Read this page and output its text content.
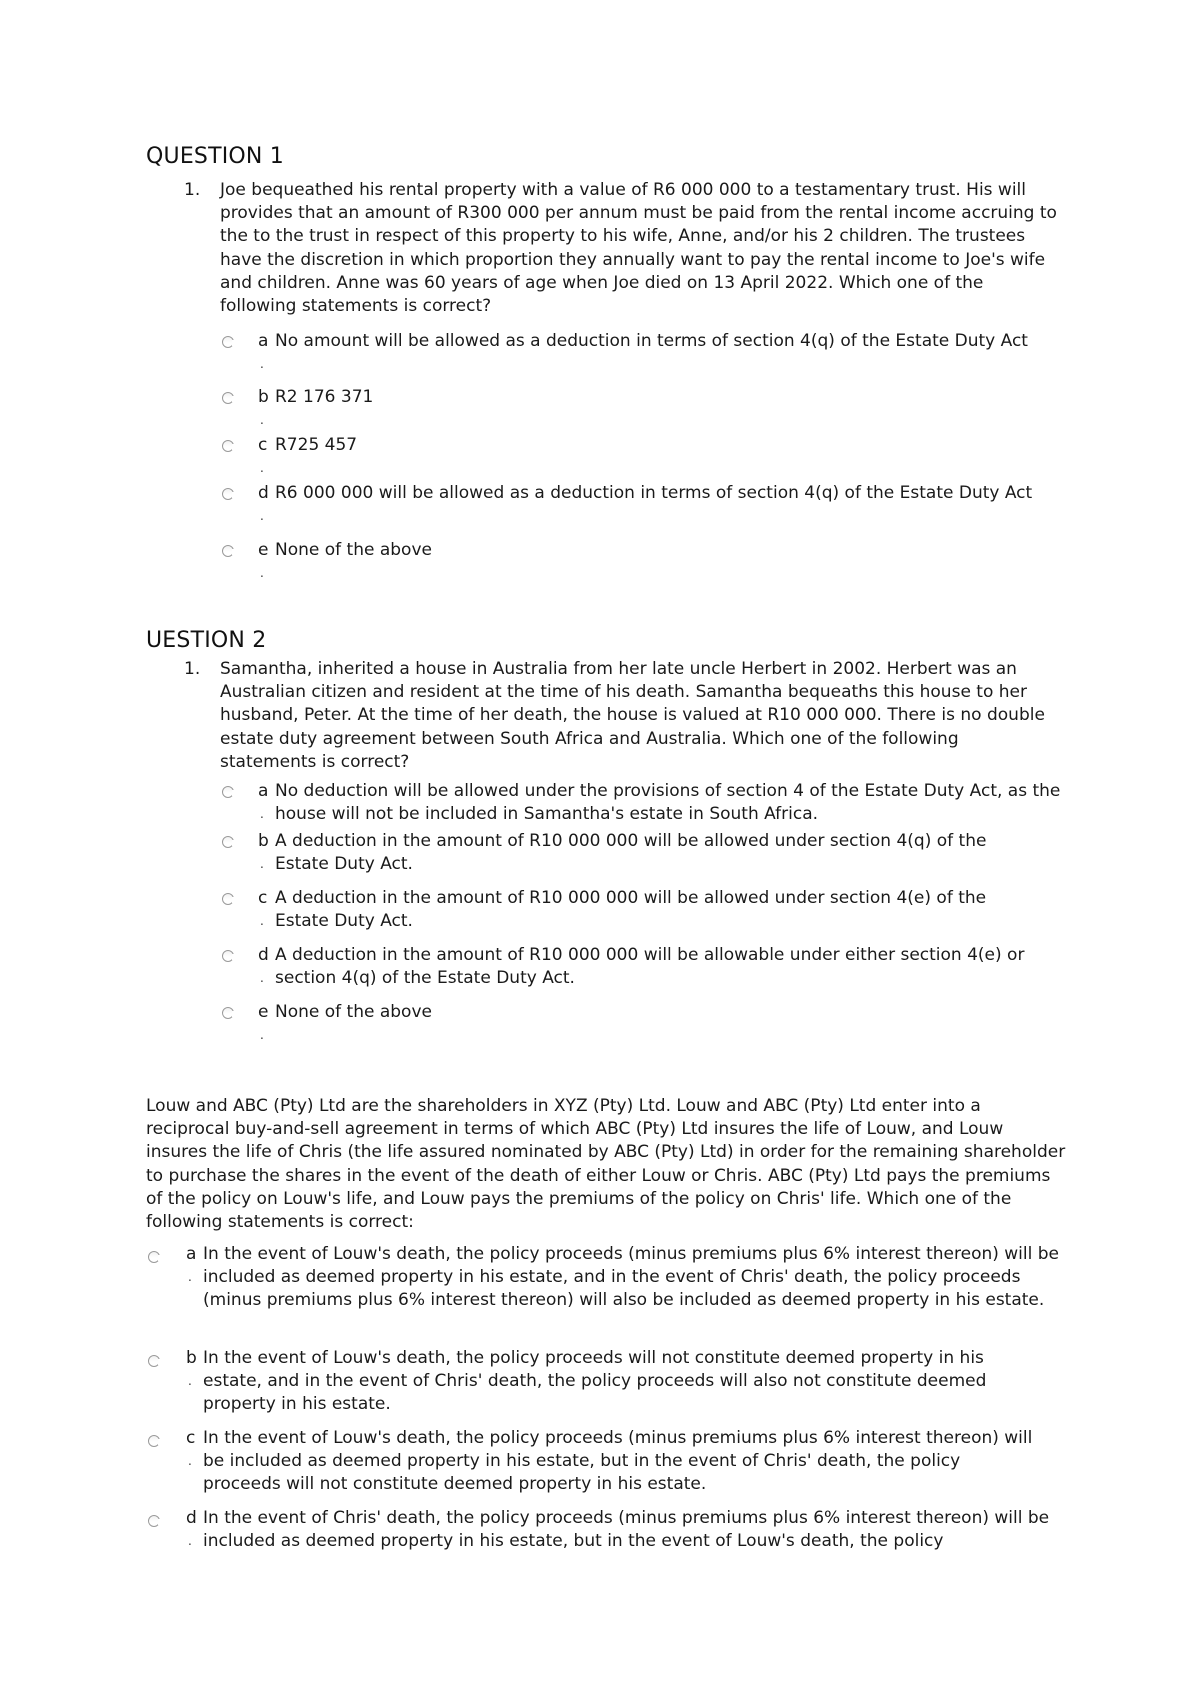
QUESTION 1
1.	Joe bequeathed his rental property with a value of R6 000 000 to a testamentary trust. His will provides that an amount of R300 000 per annum must be paid from the rental income accruing to the to the trust in respect of this property to his wife, Anne, and/or his 2 children. The trustees have the discretion in which proportion they annually want to pay the rental income to Joe's wife and children. Anne was 60 years of age when Joe died on 13 April 2022. Which one of the following statements is correct?
a
.
No amount will be allowed as a deduction in terms of section 4(q) of the Estate Duty Act
b
.
R2 176 371
c
.
R725 457
d
.
R6 000 000 will be allowed as a deduction in terms of section 4(q) of the Estate Duty Act
e
.
None of the above
UESTION 2
1.	Samantha, inherited a house in Australia from her late uncle Herbert in 2002. Herbert was an Australian citizen and resident at the time of his death. Samantha bequeaths this house to her husband, Peter. At the time of her death, the house is valued at R10 000 000. There is no double estate duty agreement between South Africa and Australia. Which one of the following statements is correct?
a
.
No deduction will be allowed under the provisions of section 4 of the Estate Duty Act, as the house will not be included in Samantha's estate in South Africa.
b
.
A deduction in the amount of R10 000 000 will be allowed under section 4(q) of the Estate Duty Act.
c
.
A deduction in the amount of R10 000 000 will be allowed under section 4(e) of the Estate Duty Act.
d
.
A deduction in the amount of R10 000 000 will be allowable under either section 4(e) or section 4(q) of the Estate Duty Act.
e
.
None of the above
Louw and ABC (Pty) Ltd are the shareholders in XYZ (Pty) Ltd. Louw and ABC (Pty) Ltd enter into a reciprocal buy-and-sell agreement in terms of which ABC (Pty) Ltd insures the life of Louw, and Louw insures the life of Chris (the life assured nominated by ABC (Pty) Ltd) in order for the remaining shareholder to purchase the shares in the event of the death of either Louw or Chris. ABC (Pty) Ltd pays the premiums of the policy on Louw's life, and Louw pays the premiums of the policy on Chris' life. Which one of the following statements is correct:
a
.
In the event of Louw's death, the policy proceeds (minus premiums plus 6% interest thereon) will be included as deemed property in his estate, and in the event of Chris' death, the policy proceeds (minus premiums plus 6% interest thereon) will also be included as deemed property in his estate.
b
.
In the event of Louw's death, the policy proceeds will not constitute deemed property in his estate, and in the event of Chris' death, the policy proceeds will also not constitute deemed property in his estate.
c
.
In the event of Louw's death, the policy proceeds (minus premiums plus 6% interest thereon) will be included as deemed property in his estate, but in the event of Chris' death, the policy proceeds will not constitute deemed property in his estate.
d
.
In the event of Chris' death, the policy proceeds (minus premiums plus 6% interest thereon) will be included as deemed property in his estate, but in the event of Louw's death, the policy
